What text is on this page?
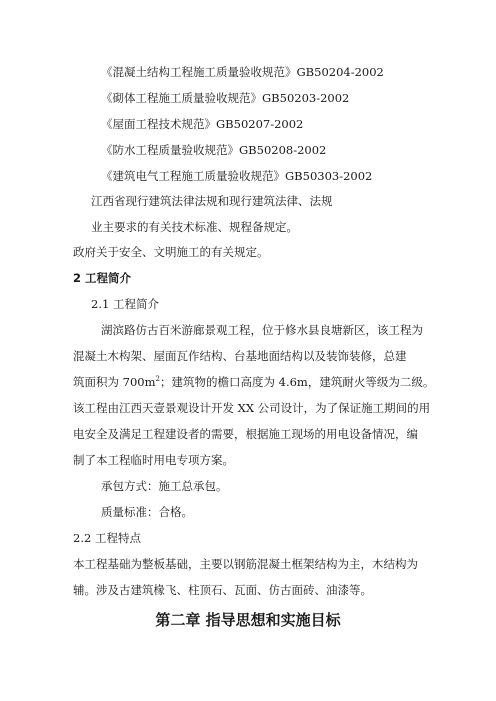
《混凝土结构工程施工质量验收规范》GB50204-2002
《砌体工程施工质量验收规范》GB50203-2002
《屋面工程技术规范》GB50207-2002
《防水工程质量验收规范》GB50208-2002
《建筑电气工程施工质量验收规范》GB50303-2002
江西省现行建筑法律法规和现行建筑法律、法规
业主要求的有关技术标准、规程备规定。
政府关于安全、文明施工的有关规定。
2 工程简介
2.1 工程简介
湖滨路仿古百米游廊景观工程，位于修水县良塘新区，该工程为
混凝土木构架、屋面瓦作结构、台基地面结构以及装饰装修，总建
筑面积为 $700m^2$；建筑物的檐口高度为 4.6m，建筑耐火等级为二级。
该工程由江西天壹景观设计开发 XX 公司设计，为了保证施工期间的用
电安全及满足工程建设者的需要，根据施工现场的用电设备情况，编
制了本工程临时用电专项方案。
承包方式：施工总承包。
质量标准：合格。
2.2 工程特点
本工程基础为整板基础，主要以钢筋混凝土框架结构为主，木结构为
辅。涉及古建筑椽飞、柱顶石、瓦面、仿古面砖、油漆等。
第二章 指导思想和实施目标
